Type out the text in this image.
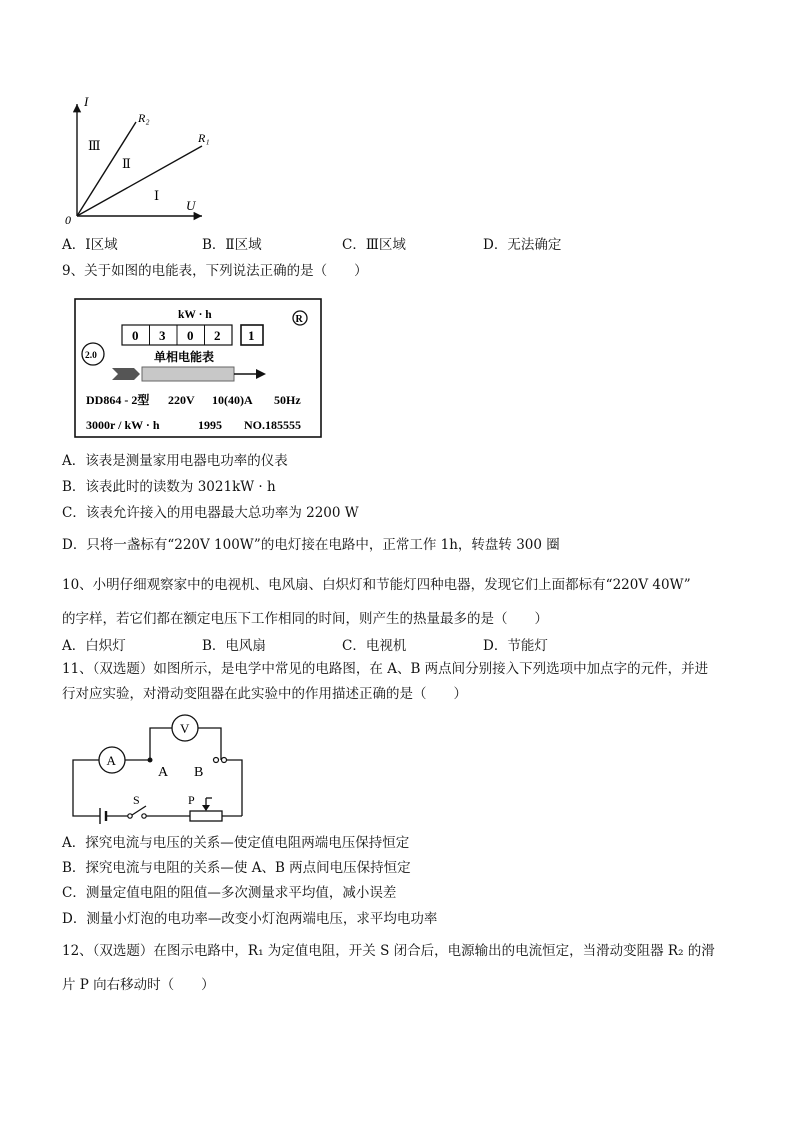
I
U
0
R₂
R₁
Ⅲ
Ⅱ
Ⅰ
A．Ⅰ区域	B．Ⅱ区域	C．Ⅲ区域	D．无法确定
9、关于如图的电能表，下列说法正确的是（　　）
kW · h	R
0 3 0 2 1
2.0	单相电能表
DD864 - 2型 220V 10(40)A 50Hz
3000r / kW · h	1995 NO.185555
A．该表是测量家用电器电功率的仪表
B．该表此时的读数为 3021kW · h
C．该表允许接入的用电器最大总功率为 2200 W
D．只将一盏标有“220V 100W”的电灯接在电路中，正常工作 1h，转盘转 300 圈
10、小明仔细观察家中的电视机、电风扇、白炽灯和节能灯四种电器，发现它们上面都标有“220V 40W”
的字样，若它们都在额定电压下工作相同的时间，则产生的热量最多的是（　　）
A．白炽灯	B．电风扇	C．电视机	D．节能灯
11、（双选题）如图所示，是电学中常见的电路图，在 A、B 两点间分别接入下列选项中加点字的元件，并进
行对应实验，对滑动变阻器在此实验中的作用描述正确的是（　　）
A
V
A B
S	P
A．探究电流与电压的关系—使定值电阻两端电压保持恒定
B．探究电流与电阻的关系—使 A、B 两点间电压保持恒定
C．测量定值电阻的阻值—多次测量求平均值，减小误差
D．测量小灯泡的电功率—改变小灯泡两端电压，求平均电功率
12、（双选题）在图示电路中，R₁ 为定值电阻，开关 S 闭合后，电源输出的电流恒定，当滑动变阻器 R₂ 的滑
片 P 向右移动时（　　）
